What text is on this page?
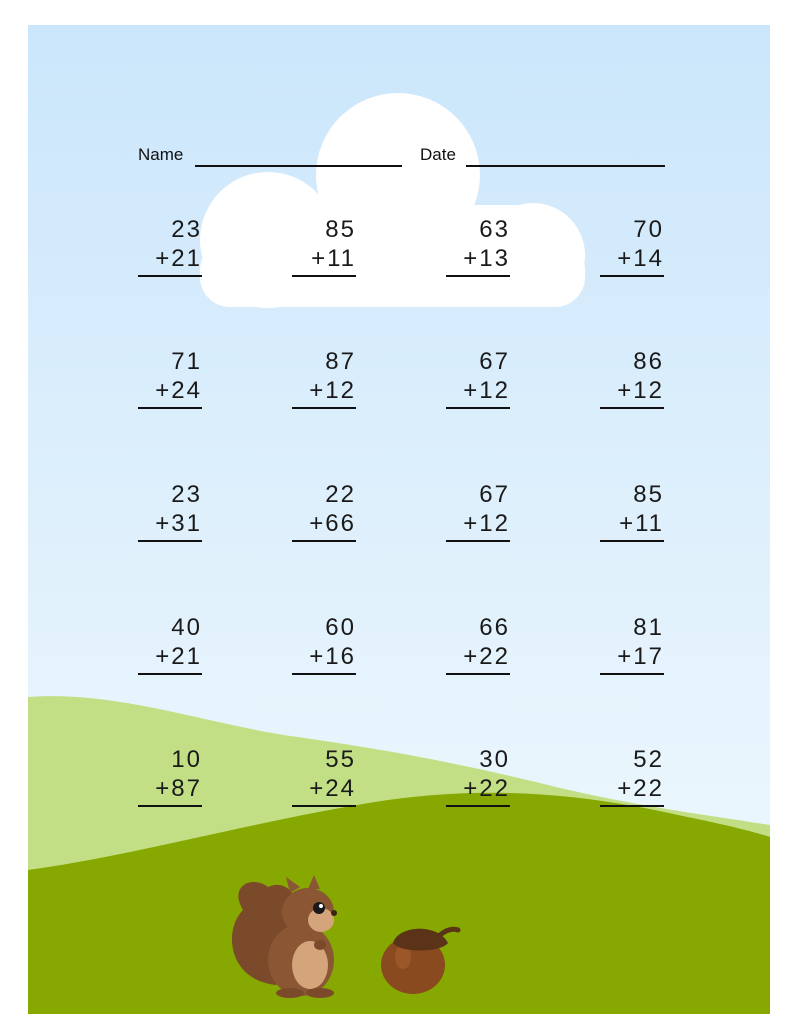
Name	Date
23
+21
85
+11
63
+13
70
+14
71
+24
87
+12
67
+12
86
+12
23
+31
22
+66
67
+12
85
+11
40
+21
60
+16
66
+22
81
+17
10
+87
55
+24
30
+22
52
+22
